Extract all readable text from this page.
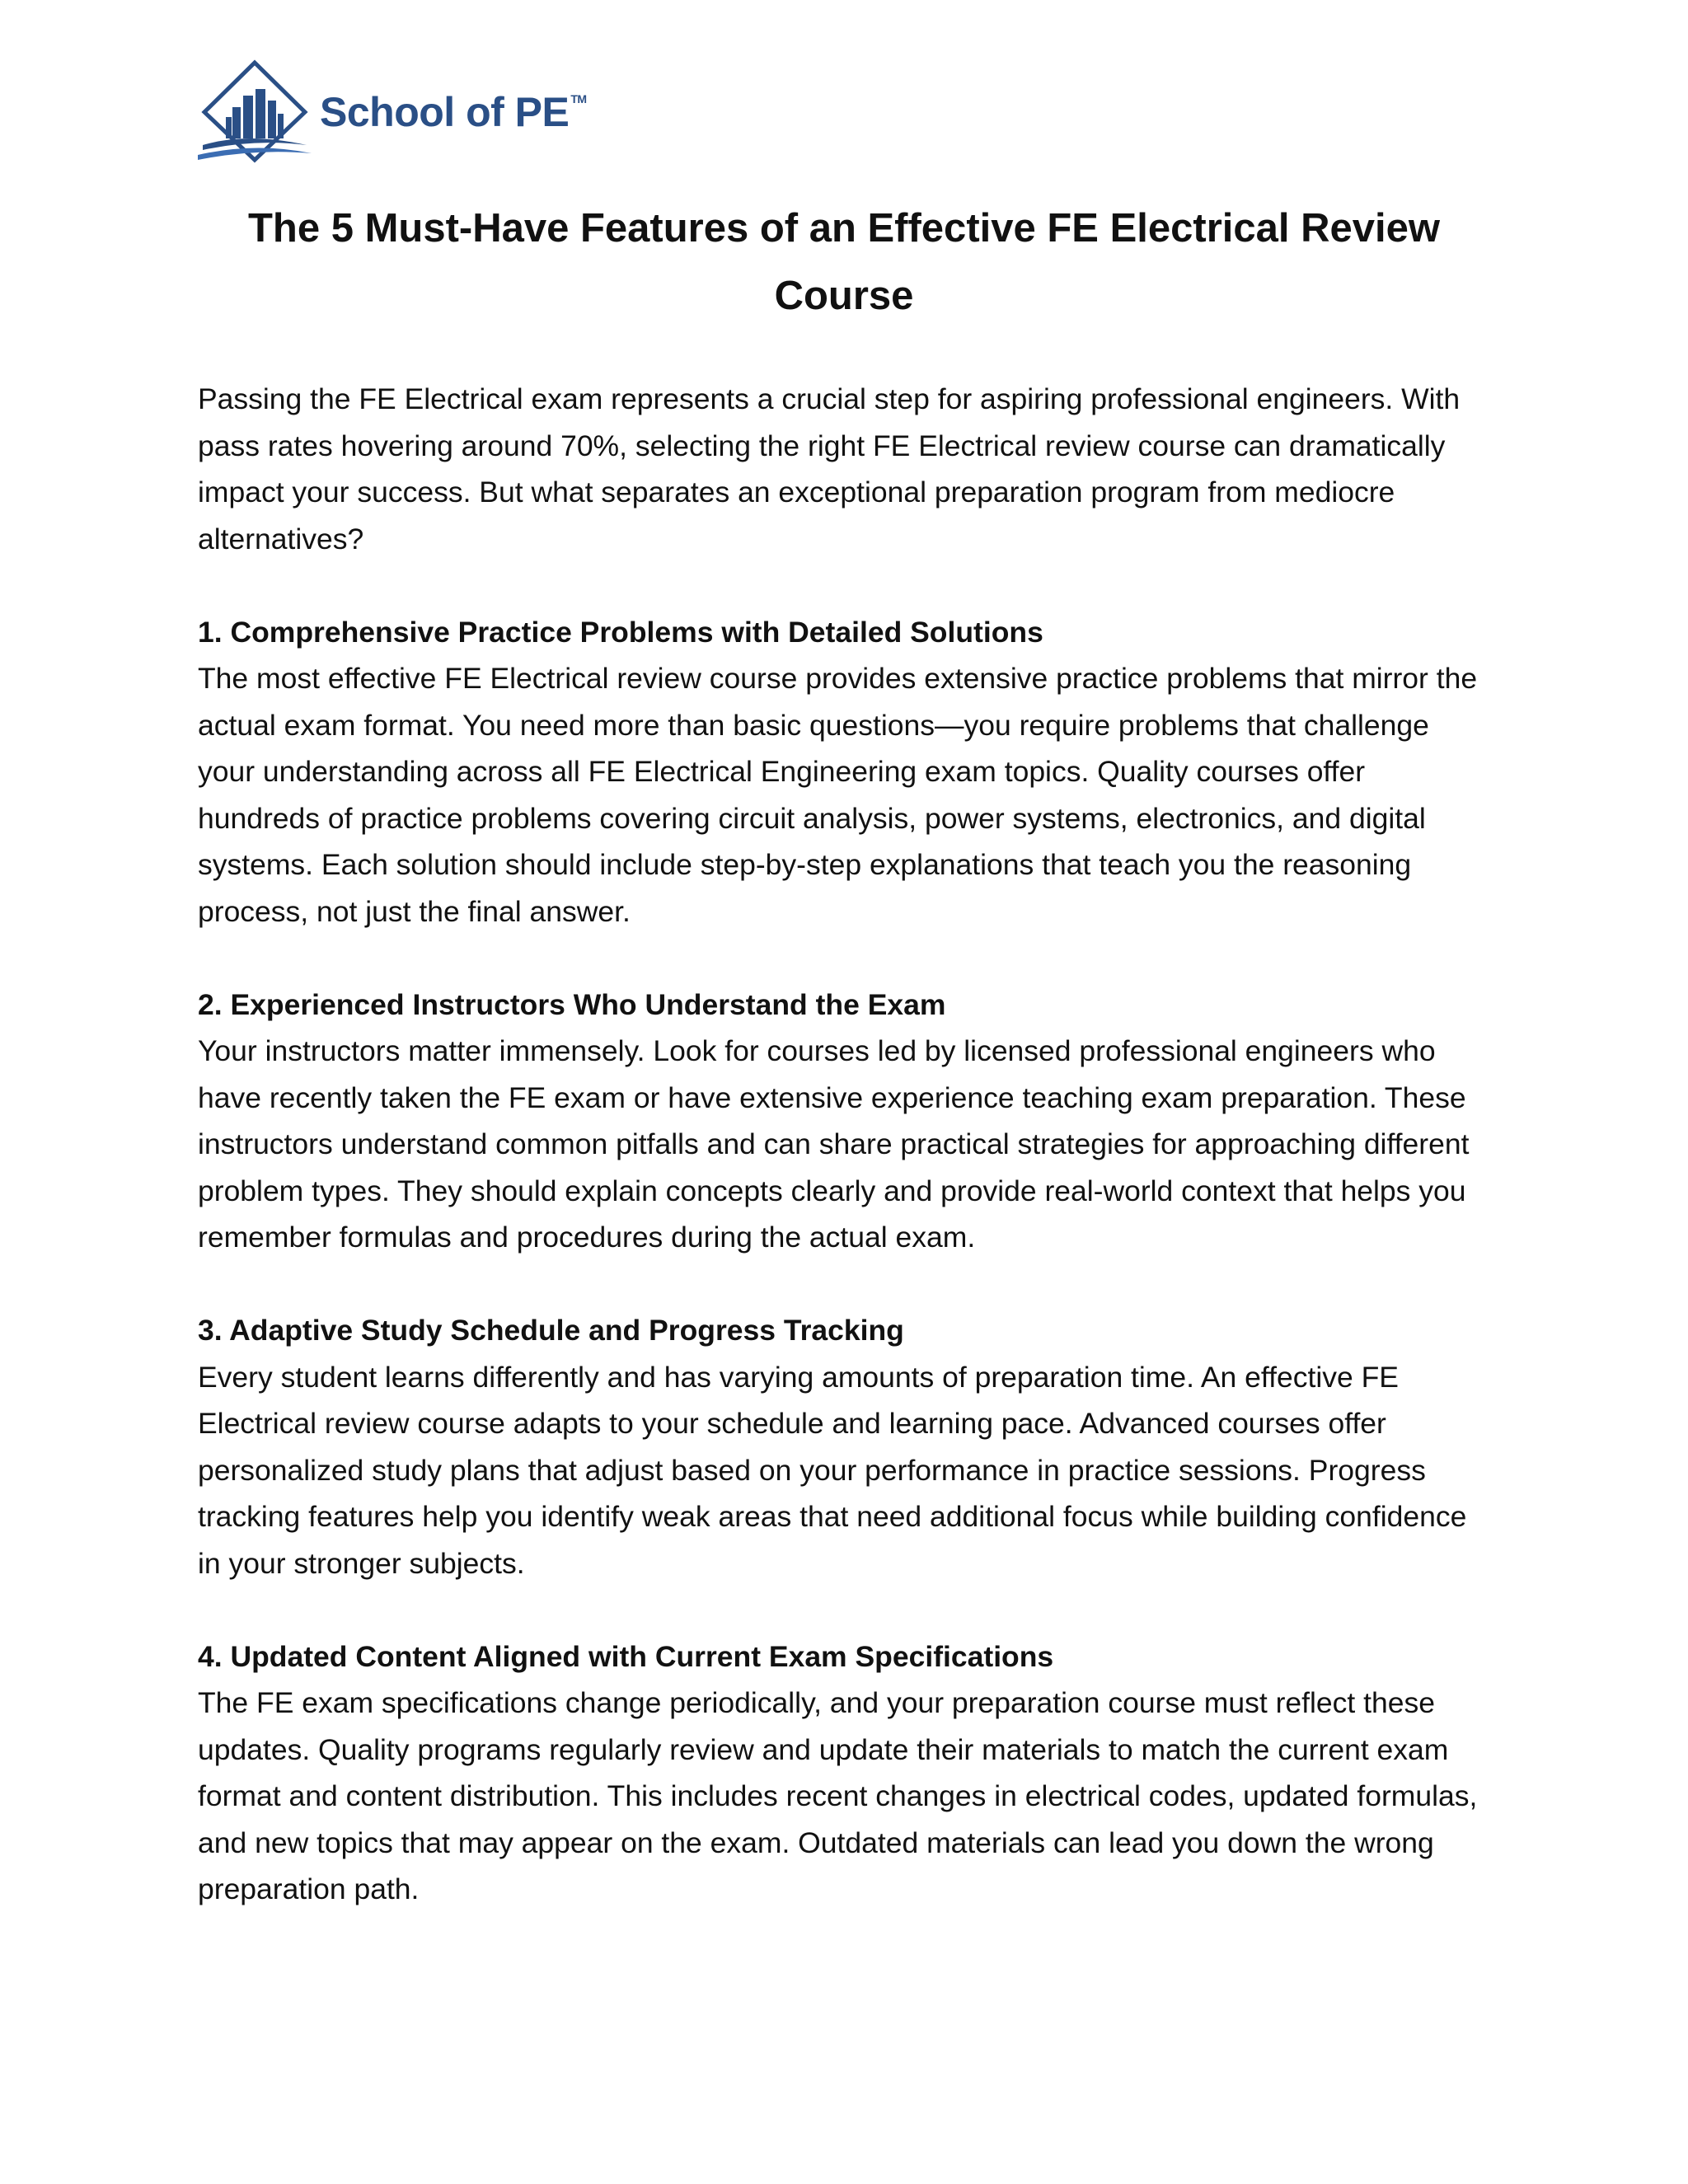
School of PE ™
The 5 Must-Have Features of an Effective FE Electrical Review Course

Passing the FE Electrical exam represents a crucial step for aspiring professional engineers. With pass rates hovering around 70%, selecting the right FE Electrical review course can dramatically impact your success. But what separates an exceptional preparation program from mediocre alternatives?

1. Comprehensive Practice Problems with Detailed Solutions
The most effective FE Electrical review course provides extensive practice problems that mirror the actual exam format. You need more than basic questions—you require problems that challenge your understanding across all FE Electrical Engineering exam topics. Quality courses offer hundreds of practice problems covering circuit analysis, power systems, electronics, and digital systems. Each solution should include step-by-step explanations that teach you the reasoning process, not just the final answer.

2. Experienced Instructors Who Understand the Exam
Your instructors matter immensely. Look for courses led by licensed professional engineers who have recently taken the FE exam or have extensive experience teaching exam preparation. These instructors understand common pitfalls and can share practical strategies for approaching different problem types. They should explain concepts clearly and provide real-world context that helps you remember formulas and procedures during the actual exam.

3. Adaptive Study Schedule and Progress Tracking
Every student learns differently and has varying amounts of preparation time. An effective FE Electrical review course adapts to your schedule and learning pace. Advanced courses offer personalized study plans that adjust based on your performance in practice sessions. Progress tracking features help you identify weak areas that need additional focus while building confidence in your stronger subjects.

4. Updated Content Aligned with Current Exam Specifications
The FE exam specifications change periodically, and your preparation course must reflect these updates. Quality programs regularly review and update their materials to match the current exam format and content distribution. This includes recent changes in electrical codes, updated formulas, and new topics that may appear on the exam. Outdated materials can lead you down the wrong preparation path.
